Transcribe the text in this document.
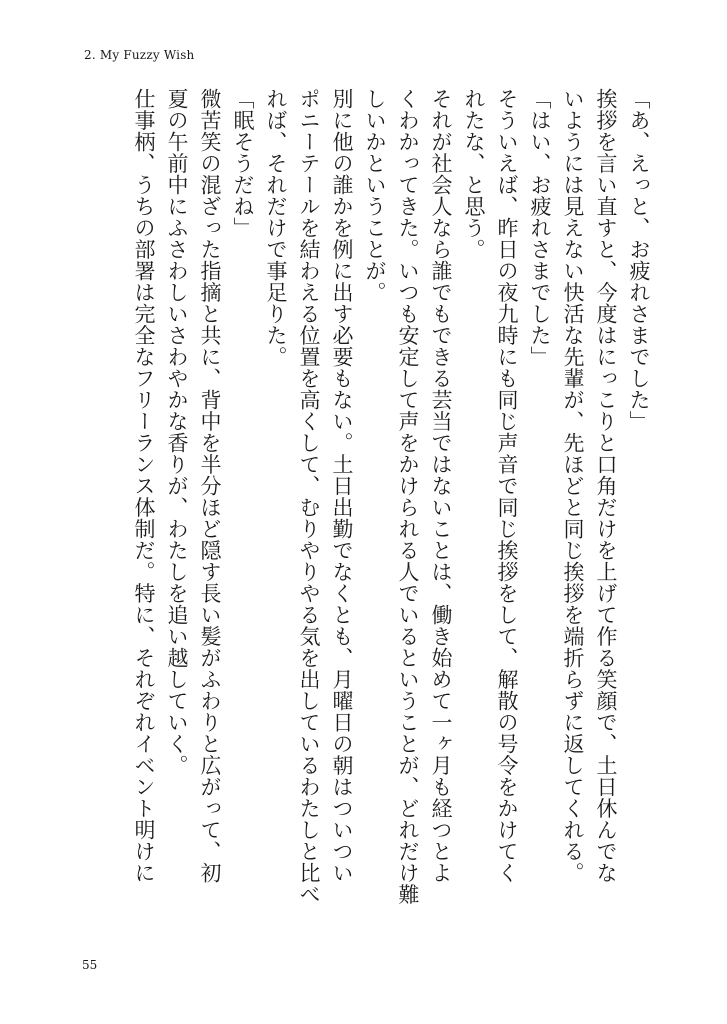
2. My Fuzzy Wish
「あ、えっと、お疲れさまでした」
挨拶を言い直すと、今度はにっこりと口角だけを上げて作る笑顔で、土日休んでな
いようには見えない快活な先輩が、先ほどと同じ挨拶を端折らずに返してくれる。
「はい、お疲れさまでした」
そういえば、昨日の夜九時にも同じ声音で同じ挨拶をして、解散の号令をかけてく
れたな、と思う。
それが社会人なら誰でもできる芸当ではないことは、働き始めて一ヶ月も経つとよ
くわかってきた。いつも安定して声をかけられる人でいるということが、どれだけ難
しいかということが。
別に他の誰かを例に出す必要もない。土日出勤でなくとも、月曜日の朝はついつい
ポニーテールを結わえる位置を高くして、むりやりやる気を出しているわたしと比べ
れば、それだけで事足りた。
「眠そうだね」
微苦笑の混ざった指摘と共に、背中を半分ほど隠す長い髪がふわりと広がって、初
夏の午前中にふさわしいさわやかな香りが、わたしを追い越していく。
仕事柄、うちの部署は完全なフリーランス体制だ。特に、それぞれイベント明けに
55
